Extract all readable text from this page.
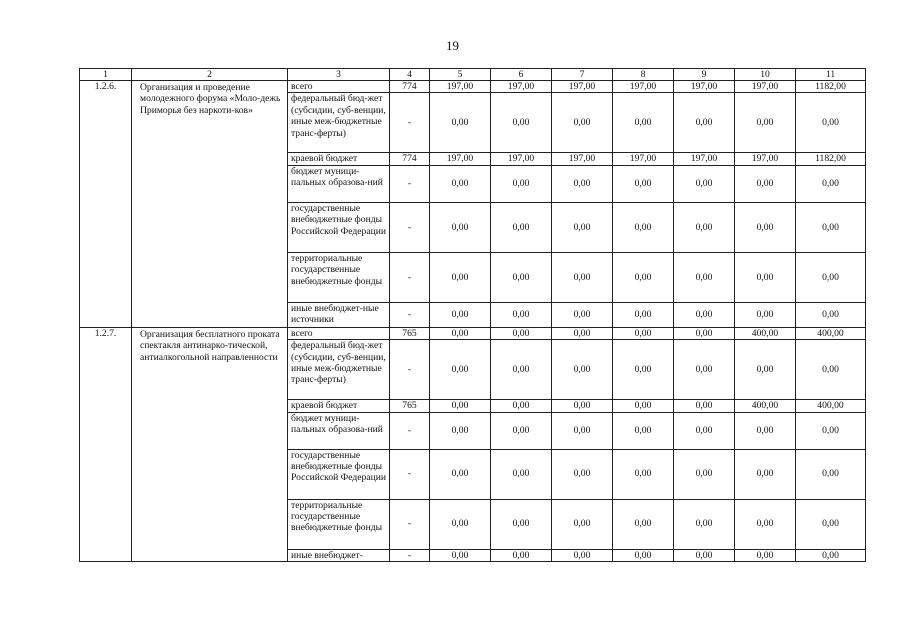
19
1	2	3	4	5	6	7	8	9	10	11
1.2.6.	Организация и проведение молодежного форума «Моло-дежь Приморья без наркоти-ков»	всего	774	197,00	197,00	197,00	197,00	197,00	197,00	1182,00
		федеральный бюд-жет (субсидии, суб-венции, иные меж-бюджетные транс-ферты)	-	0,00	0,00	0,00	0,00	0,00	0,00	0,00
		краевой бюджет	774	197,00	197,00	197,00	197,00	197,00	197,00	1182,00
		бюджет муници-пальных образова-ний	-	0,00	0,00	0,00	0,00	0,00	0,00	0,00
		государственные внебюджетные фонды Российской Федерации	-	0,00	0,00	0,00	0,00	0,00	0,00	0,00
		территориальные государственные внебюджетные фонды	-	0,00	0,00	0,00	0,00	0,00	0,00	0,00
		иные внебюджет-ные источники	-	0,00	0,00	0,00	0,00	0,00	0,00	0,00
1.2.7.	Организация бесплатного проката спектакля антинарко-тической, антиалкогольной направленности	всего	765	0,00	0,00	0,00	0,00	0,00	400,00	400,00
		федеральный бюд-жет (субсидии, суб-венции, иные меж-бюджетные транс-ферты)	-	0,00	0,00	0,00	0,00	0,00	0,00	0,00
		краевой бюджет	765	0,00	0,00	0,00	0,00	0,00	400,00	400,00
		бюджет муници-пальных образова-ний	-	0,00	0,00	0,00	0,00	0,00	0,00	0,00
		государственные внебюджетные фонды Российской Федерации	-	0,00	0,00	0,00	0,00	0,00	0,00	0,00
		территориальные государственные внебюджетные фонды	-	0,00	0,00	0,00	0,00	0,00	0,00	0,00
		иные внебюджет-	-	0,00	0,00	0,00	0,00	0,00	0,00	0,00
